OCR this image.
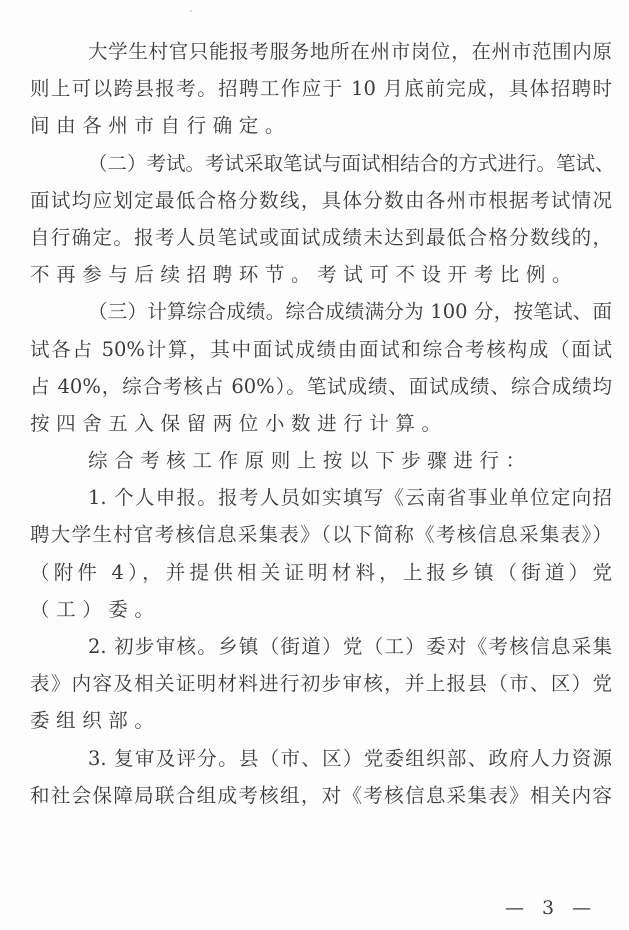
大学生村官只能报考服务地所在州市岗位，在州市范围内原
则上可以跨县报考。招聘工作应于 10 月底前完成，具体招聘时
间由各州市自行确定。
（二）考试。考试采取笔试与面试相结合的方式进行。笔试、
面试均应划定最低合格分数线，具体分数由各州市根据考试情况
自行确定。报考人员笔试或面试成绩未达到最低合格分数线的，
不再参与后续招聘环节。考试可不设开考比例。
（三）计算综合成绩。综合成绩满分为 100 分，按笔试、面
试各占 50%计算，其中面试成绩由面试和综合考核构成（面试
占 40%，综合考核占 60%）。笔试成绩、面试成绩、综合成绩均
按四舍五入保留两位小数进行计算。
综合考核工作原则上按以下步骤进行：
1. 个人申报。报考人员如实填写《云南省事业单位定向招
聘大学生村官考核信息采集表》（以下简称《考核信息采集表》）
（附件 4），并提供相关证明材料，上报乡镇（街道）党
（工）委。
2. 初步审核。乡镇（街道）党（工）委对《考核信息采集
表》内容及相关证明材料进行初步审核，并上报县（市、区）党
委组织部。
3. 复审及评分。县（市、区）党委组织部、政府人力资源
和社会保障局联合组成考核组，对《考核信息采集表》相关内容
— 3 —
